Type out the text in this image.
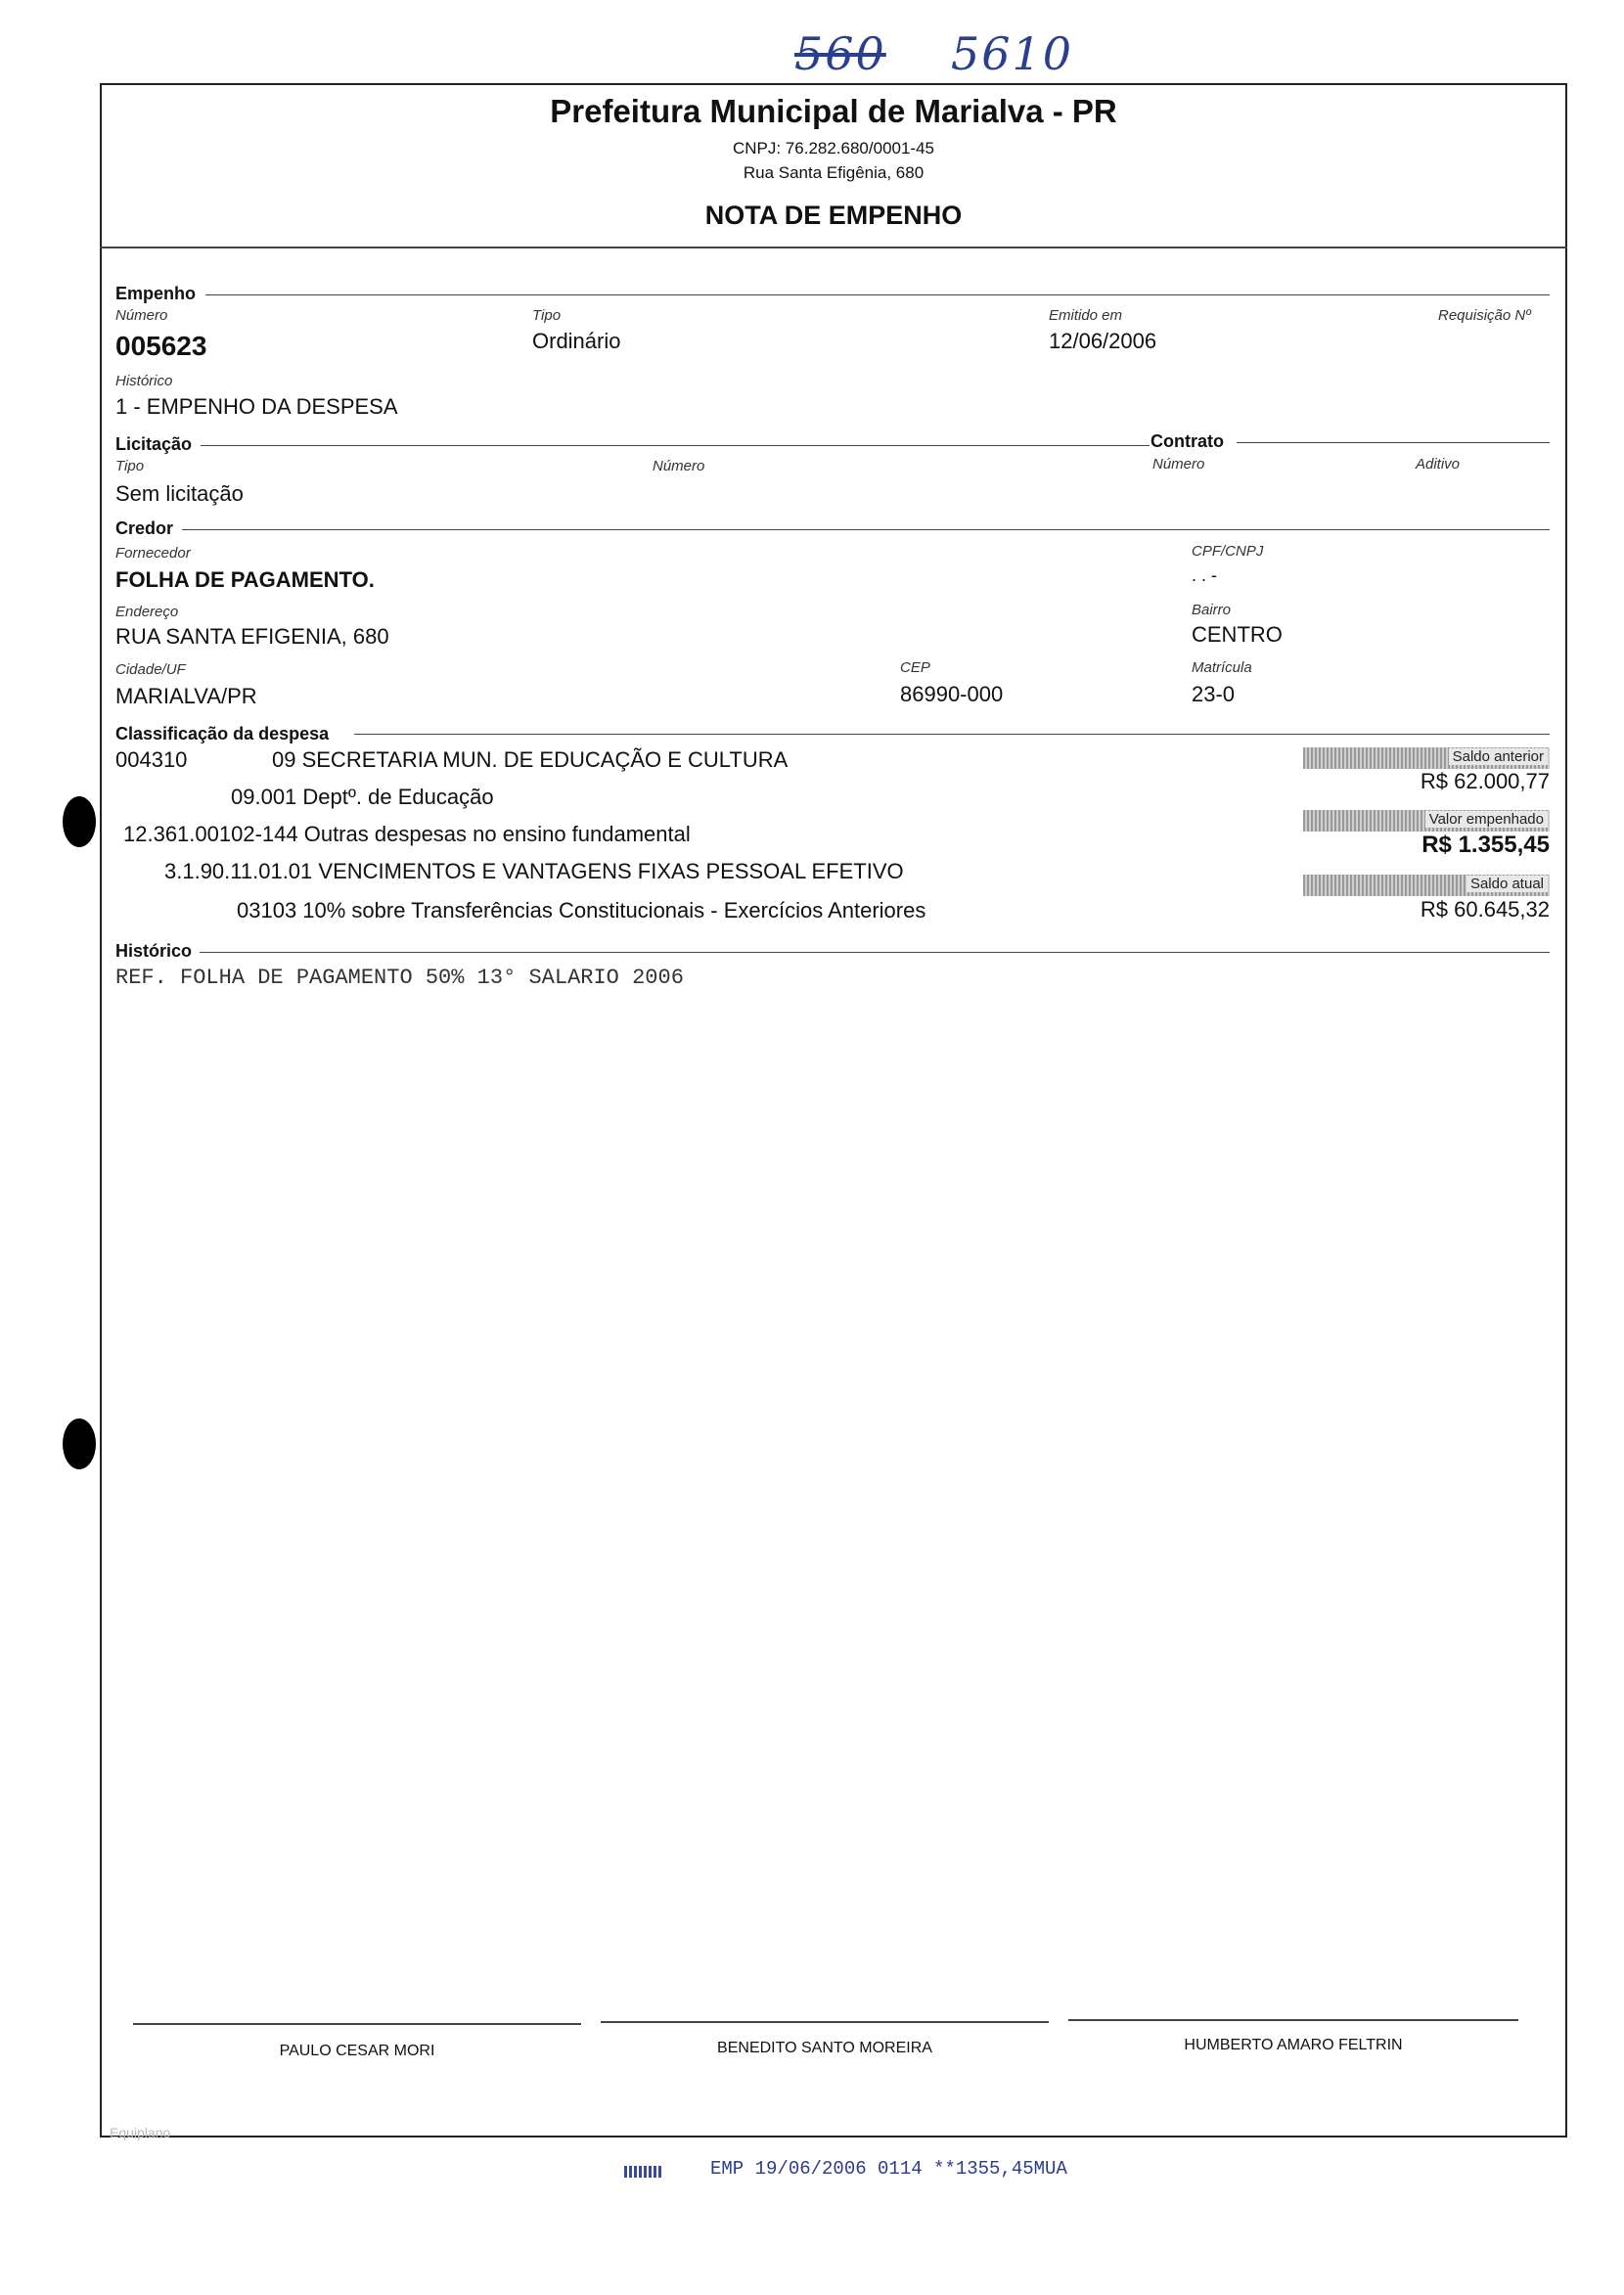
560 5610
Prefeitura Municipal de Marialva - PR
CNPJ: 76.282.680/0001-45
Rua Santa Efigênia, 680
NOTA DE EMPENHO
Empenho
Número
005623
Tipo
Ordinário
Emitido em
12/06/2006
Requisição Nº
Histórico
1 - EMPENHO DA DESPESA
Licitação	Contrato
Tipo
Sem licitação
Número	Número	Aditivo
Credor
Fornecedor
FOLHA DE PAGAMENTO.
CPF/CNPJ
. . -
Endereço
RUA SANTA EFIGENIA, 680
Bairro
CENTRO
Cidade/UF
MARIALVA/PR
CEP
86990-000
Matrícula
23-0
Classificação da despesa
004310	09 SECRETARIA MUN. DE EDUCAÇÃO E CULTURA
09.001 Deptº. de Educação
12.361.00102-144 Outras despesas no ensino fundamental
3.1.90.11.01.01 VENCIMENTOS E VANTAGENS FIXAS PESSOAL EFETIVO
03103 10% sobre Transferências Constitucionais - Exercícios Anteriores
Saldo anterior
R$ 62.000,77
Valor empenhado
R$ 1.355,45
Saldo atual
R$ 60.645,32
Histórico
REF. FOLHA DE PAGAMENTO 50% 13° SALARIO 2006
PAULO CESAR MORI	BENEDITO SANTO MOREIRA	HUMBERTO AMARO FELTRIN
Equiplano
EMP 19/06/2006 0114 **1355,45MUA
